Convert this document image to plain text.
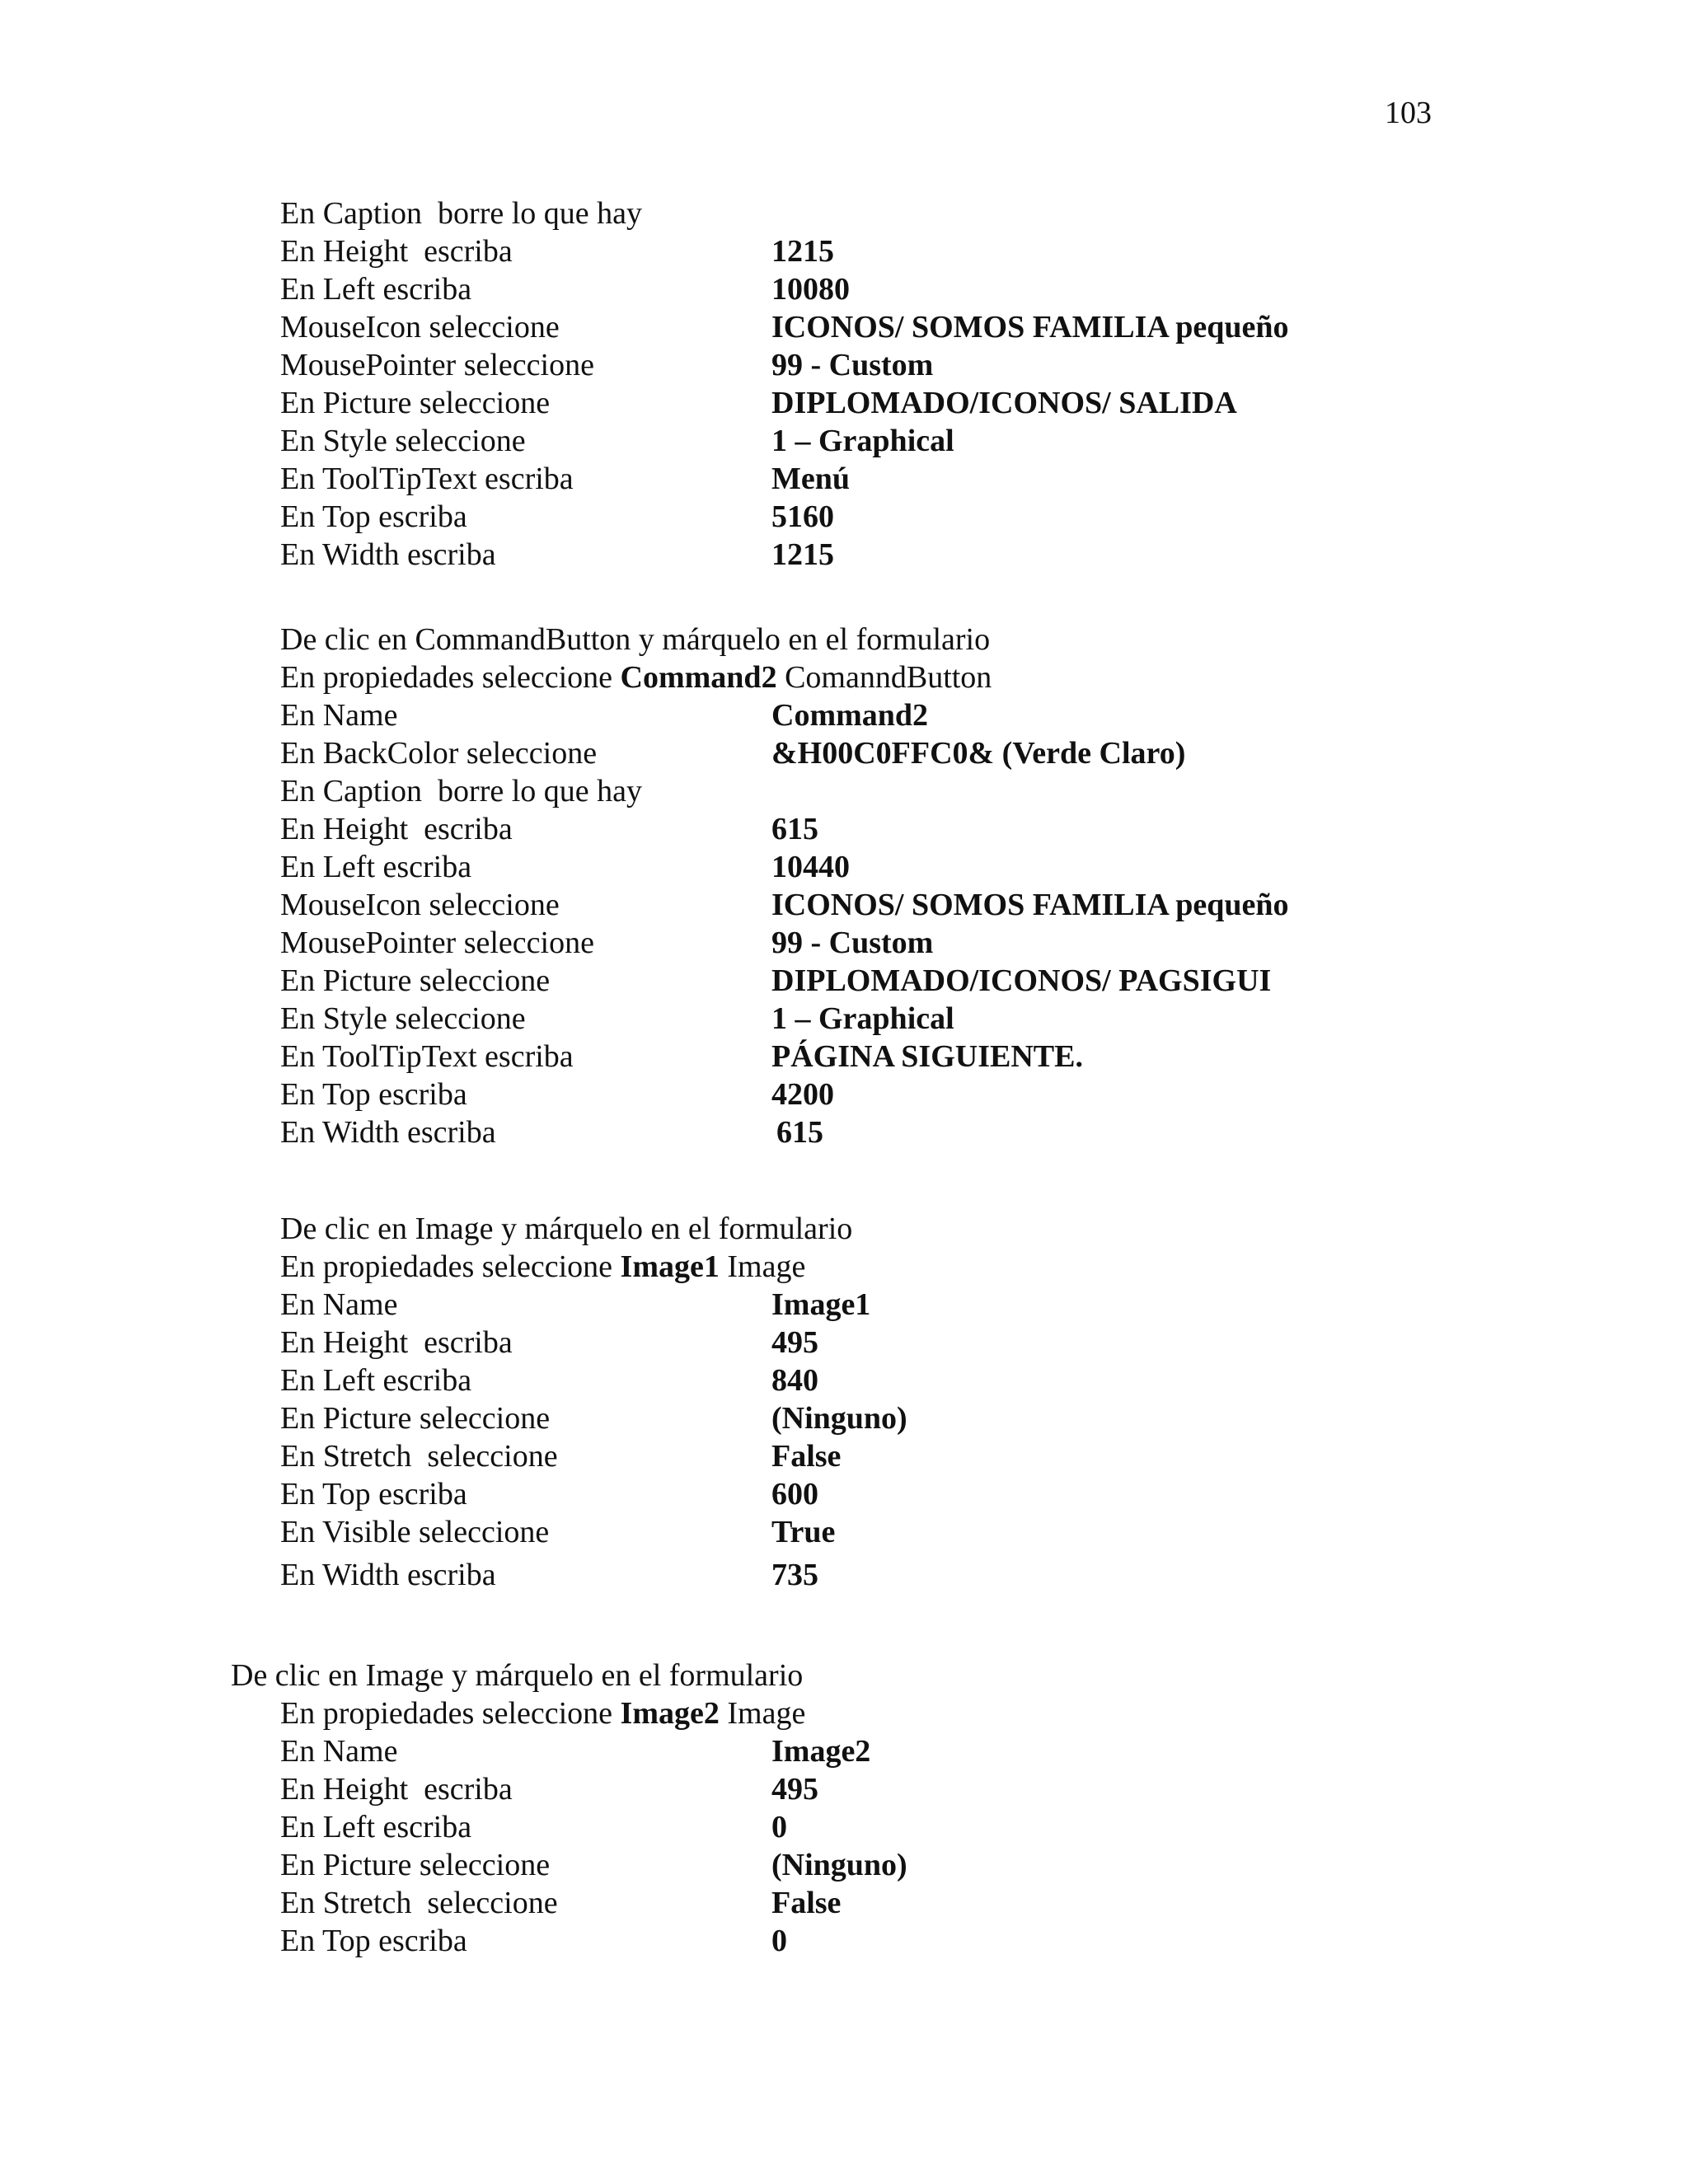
103
En Caption  borre lo que hay
En Height  escriba	1215
En Left escriba	10080
MouseIcon seleccione	ICONOS/ SOMOS FAMILIA pequeño
MousePointer seleccione	99 - Custom
En Picture seleccione	DIPLOMADO/ICONOS/ SALIDA
En Style seleccione	1 – Graphical
En ToolTipText escriba	Menú
En Top escriba	5160
En Width escriba	1215
De clic en CommandButton y márquelo en el formulario
En propiedades seleccione Command2 ComanndButton
En Name	Command2
En BackColor seleccione	&H00C0FFC0& (Verde Claro)
En Caption  borre lo que hay
En Height  escriba	615
En Left escriba	10440
MouseIcon seleccione	ICONOS/ SOMOS FAMILIA pequeño
MousePointer seleccione	99 - Custom
En Picture seleccione	DIPLOMADO/ICONOS/ PAGSIGUI
En Style seleccione	1 – Graphical
En ToolTipText escriba	PÁGINA SIGUIENTE.
En Top escriba	4200
En Width escriba	615
De clic en Image y márquelo en el formulario
En propiedades seleccione Image1 Image
En Name	Image1
En Height  escriba	495
En Left escriba	840
En Picture seleccione	(Ninguno)
En Stretch  seleccione	False
En Top escriba	600
En Visible seleccione	True
En Width escriba	735
De clic en Image y márquelo en el formulario
En propiedades seleccione Image2 Image
En Name	Image2
En Height  escriba	495
En Left escriba	0
En Picture seleccione	(Ninguno)
En Stretch  seleccione	False
En Top escriba	0
